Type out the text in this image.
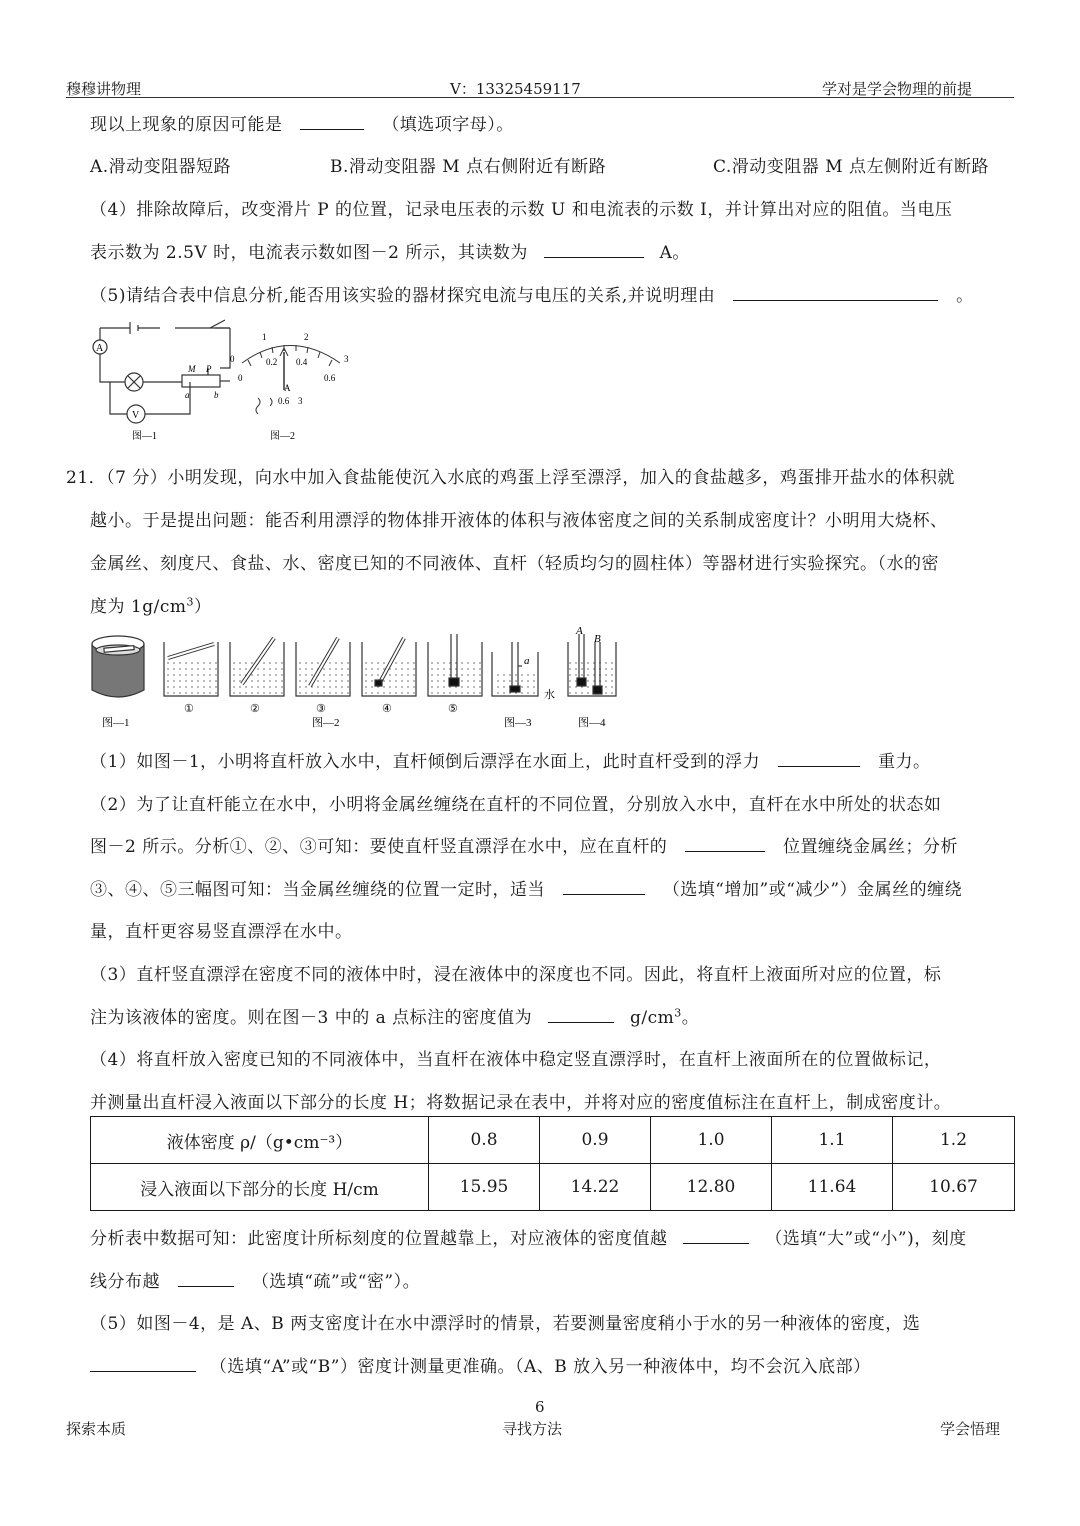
穆穆讲物理	V：13325459117	学对是学会物理的前提
现以上现象的原因可能是	（填选项字母）。
A.滑动变阻器短路	B.滑动变阻器 M 点右侧附近有断路	C.滑动变阻器 M 点左侧附近有断路
（4）排除故障后，改变滑片 P 的位置，记录电压表的示数 U 和电流表的示数 I，并计算出对应的阻值。当电压
表示数为 2.5V 时，电流表示数如图－2 所示，其读数为	A。
（5)请结合表中信息分析,能否用该实验的器材探究电流与电压的关系,并说明理由	。
A
V
M P
a	b
图—1
0
1	2
3
0
0.2 0.4
0.6
A
0.6 3
图—2
21．（7 分）小明发现，向水中加入食盐能使沉入水底的鸡蛋上浮至漂浮，加入的食盐越多，鸡蛋排开盐水的体积就
越小。于是提出问题：能否利用漂浮的物体排开液体的体积与液体密度之间的关系制成密度计？小明用大烧杯、
金属丝、刻度尺、食盐、水、密度已知的不同液体、直杆（轻质均匀的圆柱体）等器材进行实验探究。（水的密
度为 $1g/cm^3$）
图—1
①	②	③	④	⑤
图—2
a
水
图—3
A
B
图—4
（1）如图－1，小明将直杆放入水中，直杆倾倒后漂浮在水面上，此时直杆受到的浮力	重力。
（2）为了让直杆能立在水中，小明将金属丝缠绕在直杆的不同位置，分别放入水中，直杆在水中所处的状态如
图－2 所示。分析①、②、③可知：要使直杆竖直漂浮在水中，应在直杆的	位置缠绕金属丝；分析
③、④、⑤三幅图可知：当金属丝缠绕的位置一定时，适当	（选填“增加”或“减少”）金属丝的缠绕
量，直杆更容易竖直漂浮在水中。
（3）直杆竖直漂浮在密度不同的液体中时，浸在液体中的深度也不同。因此，将直杆上液面所对应的位置，标
注为该液体的密度。则在图－3 中的 a 点标注的密度值为	$g/cm^3$。
（4）将直杆放入密度已知的不同液体中，当直杆在液体中稳定竖直漂浮时，在直杆上液面所在的位置做标记，
并测量出直杆浸入液面以下部分的长度 H；将数据记录在表中，并将对应的密度值标注在直杆上，制成密度计。
液体密度 ρ/（g•cm⁻³）	0.8	0.9	1.0	1.1	1.2
浸入液面以下部分的长度 H/cm	15.95	14.22	12.80	11.64	10.67
分析表中数据可知：此密度计所标刻度的位置越靠上，对应液体的密度值越	（选填“大”或“小”)，刻度
线分布越	（选填“疏”或“密”）。
（5）如图－4，是 A、B 两支密度计在水中漂浮时的情景，若要测量密度稍小于水的另一种液体的密度，选
（选填“A”或“B”）密度计测量更准确。（A、B 放入另一种液体中，均不会沉入底部）
6
探索本质	寻找方法	学会悟理
